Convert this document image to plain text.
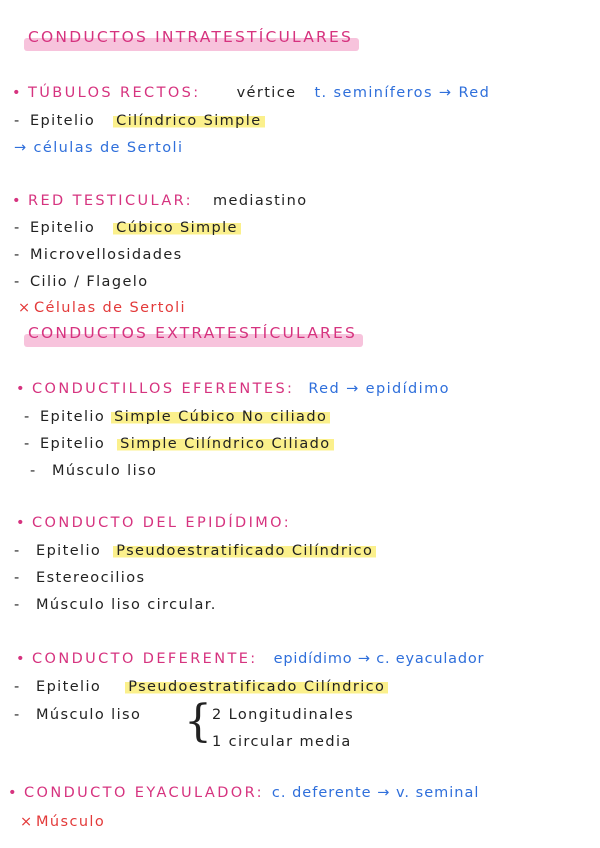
CONDUCTOS INTRATESTÍCULARES
• TÚBULOS RECTOS: vértice t. seminíferos → Red
- Epitelio Cilíndrico Simple
→ células de Sertoli
• RED TESTICULAR: mediastino
- Epitelio Cúbico Simple
- Microvellosidades
- Cilio / Flagelo
× Células de Sertoli
CONDUCTOS EXTRATESTÍCULARES
• CONDUCTILLOS EFERENTES: Red → epidídimo
- Epitelio Simple Cúbico No ciliado
- Epitelio Simple Cilíndrico Ciliado
- Músculo liso
• CONDUCTO DEL EPIDÍDIMO:
- Epitelio Pseudoestratificado Cilíndrico
- Estereocilios
- Músculo liso circular.
• CONDUCTO DEFERENTE: epidídimo → c. eyaculador
- Epitelio Pseudoestratificado Cilíndrico
- Músculo liso { 2 Longitudinales
1 circular media
• CONDUCTO EYACULADOR: c. deferente → v. seminal
× Músculo
